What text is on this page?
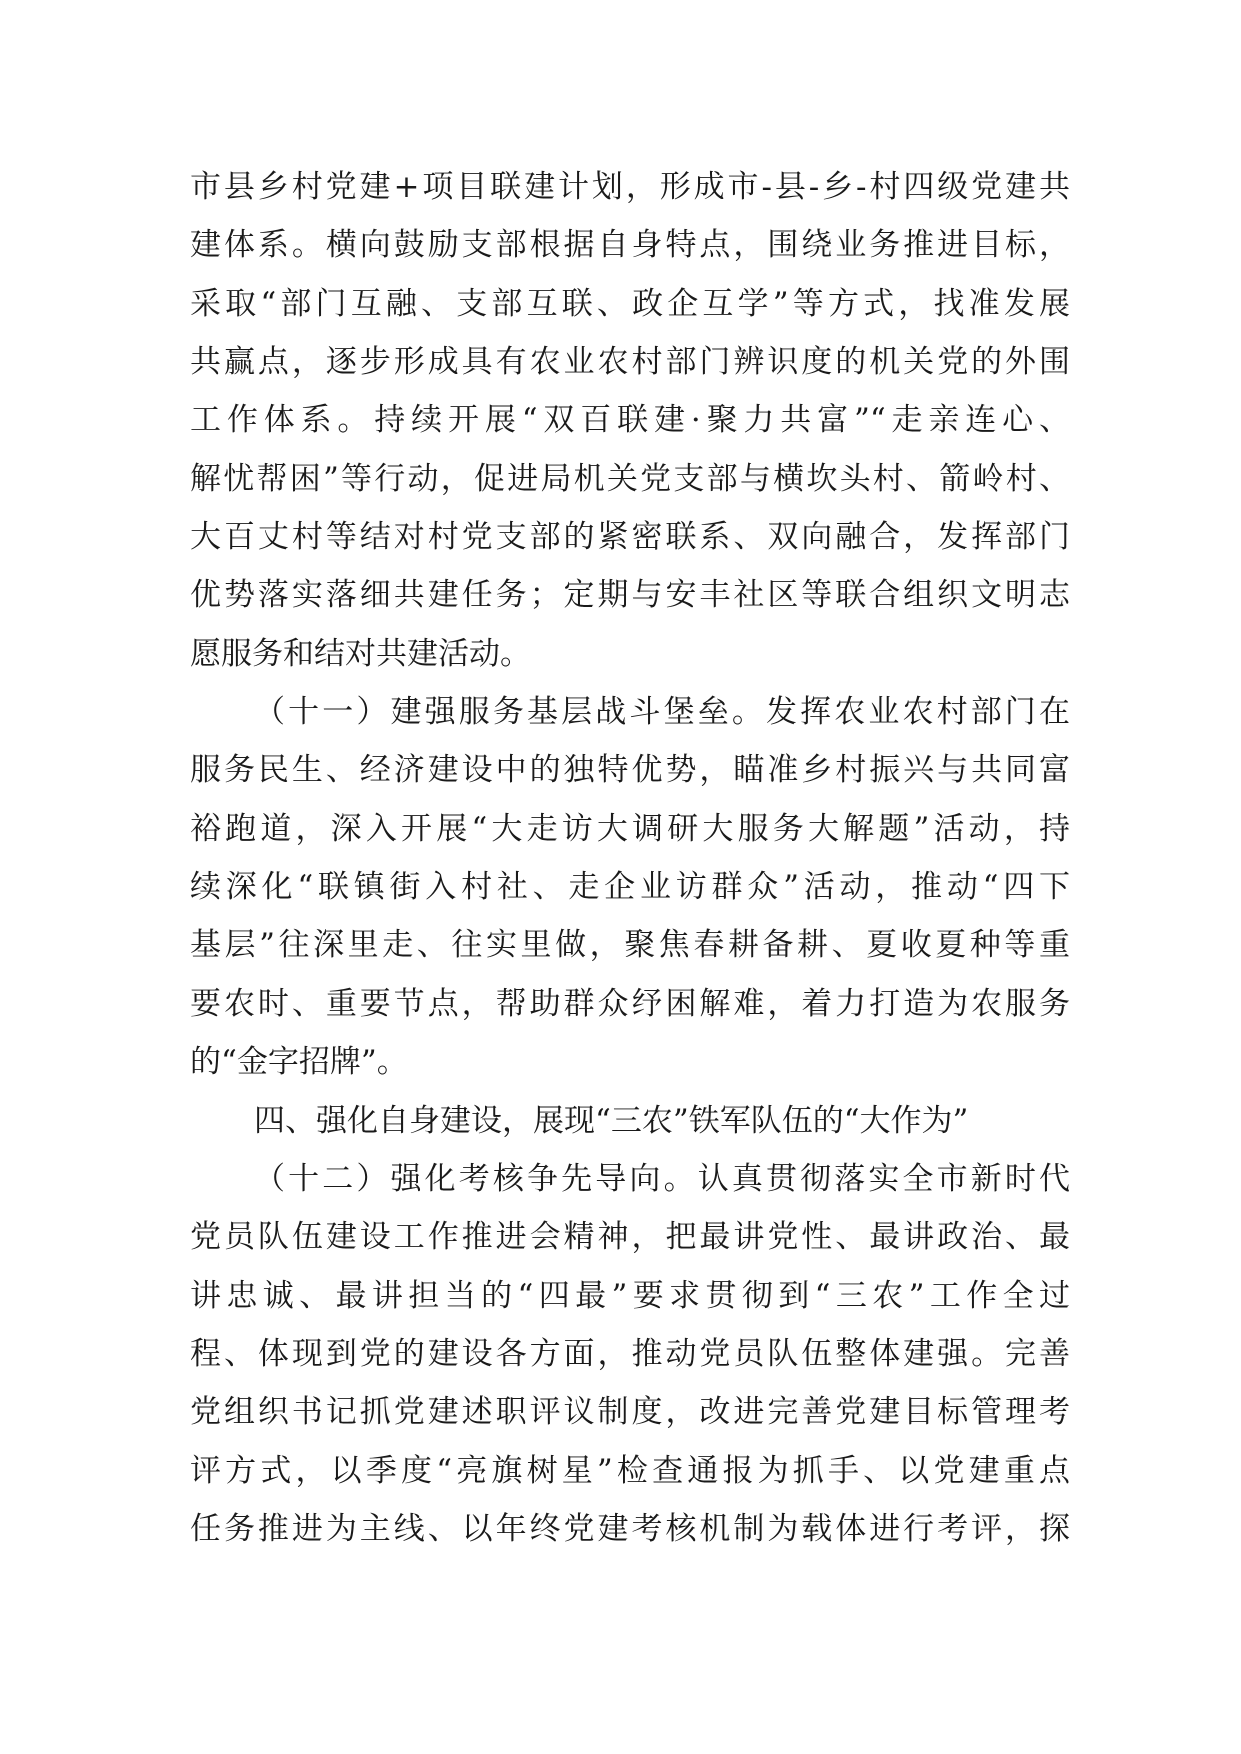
市县乡村党建+项目联建计划，形成市-县-乡-村四级党建共
建体系。横向鼓励支部根据自身特点，围绕业务推进目标，
采取“部门互融、支部互联、政企互学”等方式，找准发展
共赢点，逐步形成具有农业农村部门辨识度的机关党的外围
工作体系。持续开展“双百联建·聚力共富”“走亲连心、
解忧帮困”等行动，促进局机关党支部与横坎头村、箭岭村、
大百丈村等结对村党支部的紧密联系、双向融合，发挥部门
优势落实落细共建任务；定期与安丰社区等联合组织文明志
愿服务和结对共建活动。
（十一）建强服务基层战斗堡垒。发挥农业农村部门在
服务民生、经济建设中的独特优势，瞄准乡村振兴与共同富
裕跑道，深入开展“大走访大调研大服务大解题”活动，持
续深化“联镇街入村社、走企业访群众”活动，推动“四下
基层”往深里走、往实里做，聚焦春耕备耕、夏收夏种等重
要农时、重要节点，帮助群众纾困解难，着力打造为农服务
的“金字招牌”。
四、强化自身建设，展现“三农”铁军队伍的“大作为”
（十二）强化考核争先导向。认真贯彻落实全市新时代
党员队伍建设工作推进会精神，把最讲党性、最讲政治、最
讲忠诚、最讲担当的“四最”要求贯彻到“三农”工作全过
程、体现到党的建设各方面，推动党员队伍整体建强。完善
党组织书记抓党建述职评议制度，改进完善党建目标管理考
评方式，以季度“亮旗树星”检查通报为抓手、以党建重点
任务推进为主线、以年终党建考核机制为载体进行考评，探
